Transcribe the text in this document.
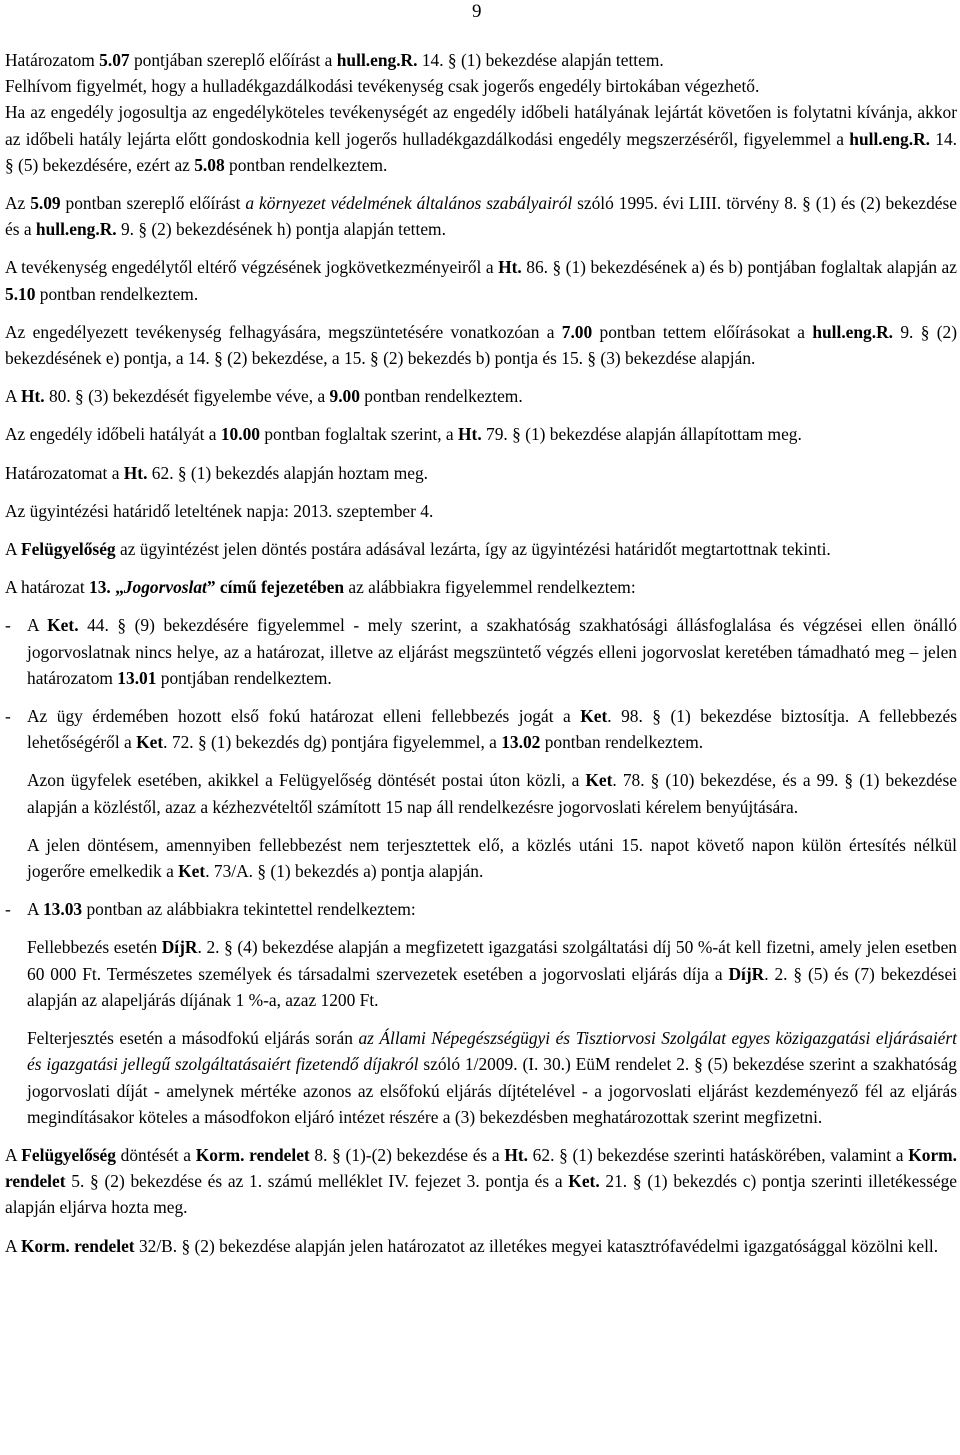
9

Határozatom 5.07 pontjában szereplő előírást a hull.eng.R. 14. § (1) bekezdése alapján tettem.

Felhívom figyelmét, hogy a hulladékgazdálkodási tevékenység csak jogerős engedély birtokában végezhető.

Ha az engedély jogosultja az engedélyköteles tevékenységét az engedély időbeli hatályának lejártát követően is folytatni kívánja, akkor az időbeli hatály lejárta előtt gondoskodnia kell jogerős hulladékgazdálkodási engedély megszerzéséről, figyelemmel a hull.eng.R. 14. § (5) bekezdésére, ezért az 5.08 pontban rendelkeztem.

Az 5.09 pontban szereplő előírást a környezet védelmének általános szabályairól szóló 1995. évi LIII. törvény 8. § (1) és (2) bekezdése és a hull.eng.R. 9. § (2) bekezdésének h) pontja alapján tettem.

A tevékenység engedélytől eltérő végzésének jogkövetkezményeiről a Ht. 86. § (1) bekezdésének a) és b) pontjában foglaltak alapján az 5.10 pontban rendelkeztem.

Az engedélyezett tevékenység felhagyására, megszüntetésére vonatkozóan a 7.00 pontban tettem előírásokat a hull.eng.R. 9. § (2) bekezdésének e) pontja, a 14. § (2) bekezdése, a 15. § (2) bekezdés b) pontja és 15. § (3) bekezdése alapján.

A Ht. 80. § (3) bekezdését figyelembe véve, a 9.00 pontban rendelkeztem.

Az engedély időbeli hatályát a 10.00 pontban foglaltak szerint, a Ht. 79. § (1) bekezdése alapján állapítottam meg.

Határozatomat a Ht. 62. § (1) bekezdés alapján hoztam meg.

Az ügyintézési határidő leteltének napja: 2013. szeptember 4.

A Felügyelőség az ügyintézést jelen döntés postára adásával lezárta, így az ügyintézési határidőt megtartottnak tekinti.

A határozat 13. „Jogorvoslat” című fejezetében az alábbiakra figyelemmel rendelkeztem:

- A Ket. 44. § (9) bekezdésére figyelemmel - mely szerint, a szakhatóság szakhatósági állásfoglalása és végzései ellen önálló jogorvoslatnak nincs helye, az a határozat, illetve az eljárást megszüntető végzés elleni jogorvoslat keretében támadható meg – jelen határozatom 13.01 pontjában rendelkeztem.
- Az ügy érdemében hozott első fokú határozat elleni fellebbezés jogát a Ket. 98. § (1) bekezdése biztosítja. A fellebbezés lehetőségéről a Ket. 72. § (1) bekezdés dg) pontjára figyelemmel, a 13.02 pontban rendelkeztem.

Azon ügyfelek esetében, akikkel a Felügyelőség döntését postai úton közli, a Ket. 78. § (10) bekezdése, és a 99. § (1) bekezdése alapján a közléstől, azaz a kézhezvételtől számított 15 nap áll rendelkezésre jogorvoslati kérelem benyújtására.

A jelen döntésem, amennyiben fellebbezést nem terjesztettek elő, a közlés utáni 15. napot követő napon külön értesítés nélkül jogerőre emelkedik a Ket. 73/A. § (1) bekezdés a) pontja alapján.

- A 13.03 pontban az alábbiakra tekintettel rendelkeztem:

Fellebbezés esetén DíjR. 2. § (4) bekezdése alapján a megfizetett igazgatási szolgáltatási díj 50 %-át kell fizetni, amely jelen esetben 60 000 Ft. Természetes személyek és társadalmi szervezetek esetében a jogorvoslati eljárás díja a DíjR. 2. § (5) és (7) bekezdései alapján az alapeljárás díjának 1 %-a, azaz 1200 Ft.

Felterjesztés esetén a másodfokú eljárás során az Állami Népegészségügyi és Tisztiorvosi Szolgálat egyes közigazgatási eljárásaiért és igazgatási jellegű szolgáltatásaiért fizetendő díjakról szóló 1/2009. (I. 30.) EüM rendelet 2. § (5) bekezdése szerint a szakhatóság jogorvoslati díját - amelynek mértéke azonos az elsőfokú eljárás díjtételével - a jogorvoslati eljárást kezdeményező fél az eljárás megindításakor köteles a másodfokon eljáró intézet részére a (3) bekezdésben meghatározottak szerint megfizetni.

A Felügyelőség döntését a Korm. rendelet 8. § (1)-(2) bekezdése és a Ht. 62. § (1) bekezdése szerinti hatáskörében, valamint a Korm. rendelet 5. § (2) bekezdése és az 1. számú melléklet IV. fejezet 3. pontja és a Ket. 21. § (1) bekezdés c) pontja szerinti illetékessége alapján eljárva hozta meg.

A Korm. rendelet 32/B. § (2) bekezdése alapján jelen határozatot az illetékes megyei katasztrófavédelmi igazgatósággal közölni kell.
